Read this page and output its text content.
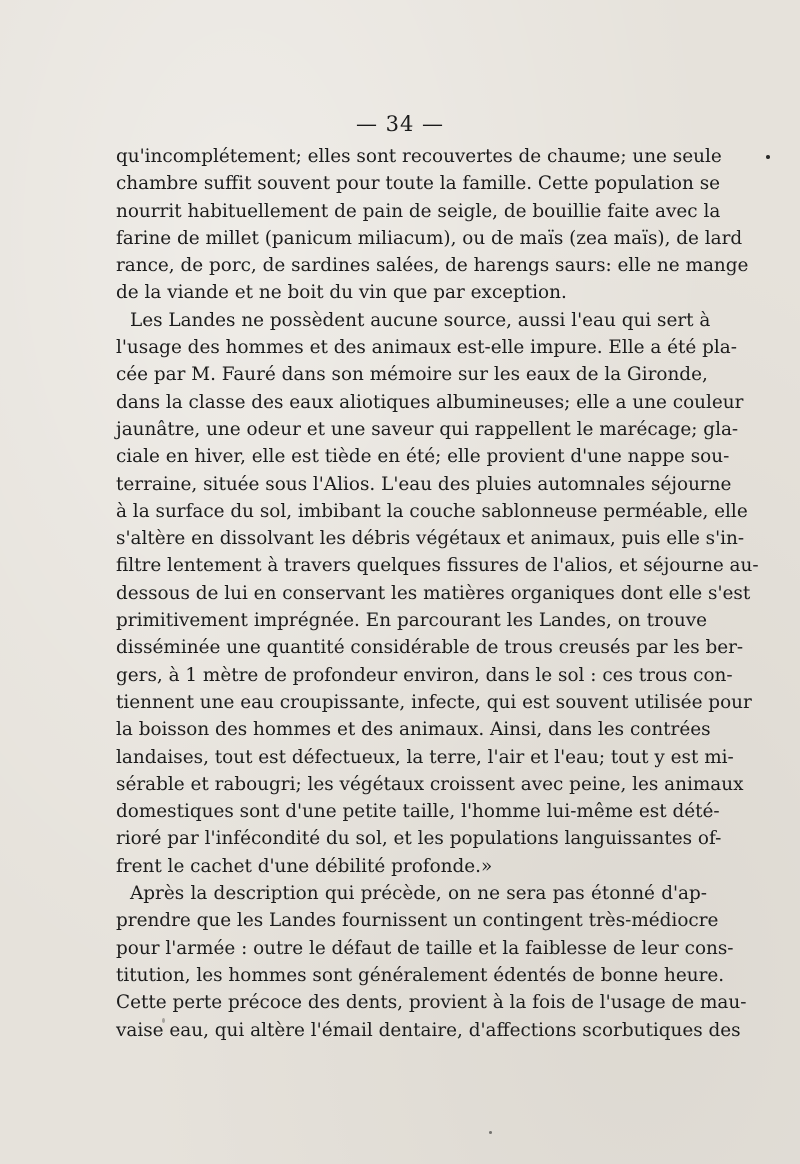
— 34 —
qu'incomplétement; elles sont recouvertes de chaume; une seule
chambre suffit souvent pour toute la famille. Cette population se
nourrit habituellement de pain de seigle, de bouillie faite avec la
farine de millet (panicum miliacum), ou de maïs (zea maïs), de lard
rance, de porc, de sardines salées, de harengs saurs: elle ne mange
de la viande et ne boit du vin que par exception.
Les Landes ne possèdent aucune source, aussi l'eau qui sert à
l'usage des hommes et des animaux est-elle impure. Elle a été pla-
cée par M. Fauré dans son mémoire sur les eaux de la Gironde,
dans la classe des eaux aliotiques albumineuses; elle a une couleur
jaunâtre, une odeur et une saveur qui rappellent le marécage; gla-
ciale en hiver, elle est tiède en été; elle provient d'une nappe sou-
terraine, située sous l'Alios. L'eau des pluies automnales séjourne
à la surface du sol, imbibant la couche sablonneuse perméable, elle
s'altère en dissolvant les débris végétaux et animaux, puis elle s'in-
filtre lentement à travers quelques fissures de l'alios, et séjourne au-
dessous de lui en conservant les matières organiques dont elle s'est
primitivement imprégnée. En parcourant les Landes, on trouve
disséminée une quantité considérable de trous creusés par les ber-
gers, à 1 mètre de profondeur environ, dans le sol : ces trous con-
tiennent une eau croupissante, infecte, qui est souvent utilisée pour
la boisson des hommes et des animaux. Ainsi, dans les contrées
landaises, tout est défectueux, la terre, l'air et l'eau; tout y est mi-
sérable et rabougri; les végétaux croissent avec peine, les animaux
domestiques sont d'une petite taille, l'homme lui-même est dété-
rioré par l'infécondité du sol, et les populations languissantes of-
frent le cachet d'une débilité profonde.»
Après la description qui précède, on ne sera pas étonné d'ap-
prendre que les Landes fournissent un contingent très-médiocre
pour l'armée : outre le défaut de taille et la faiblesse de leur cons-
titution, les hommes sont généralement édentés de bonne heure.
Cette perte précoce des dents, provient à la fois de l'usage de mau-
vaise eau, qui altère l'émail dentaire, d'affections scorbutiques des
